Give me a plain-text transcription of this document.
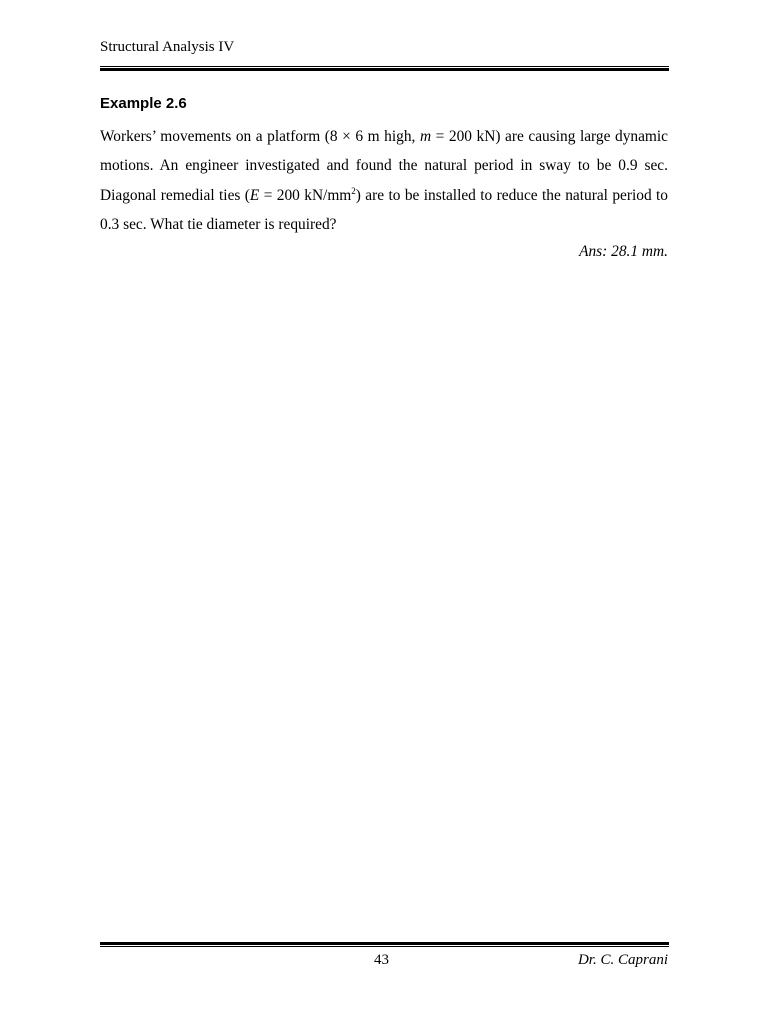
Structural Analysis IV
Example 2.6

Workers’ movements on a platform (8 × 6 m high, m = 200 kN) are causing large dynamic motions. An engineer investigated and found the natural period in sway to be 0.9 sec. Diagonal remedial ties (E = 200 $kN/mm^2$) are to be installed to reduce the natural period to 0.3 sec. What tie diameter is required?

Ans: 28.1 mm.
43	Dr. C. Caprani
